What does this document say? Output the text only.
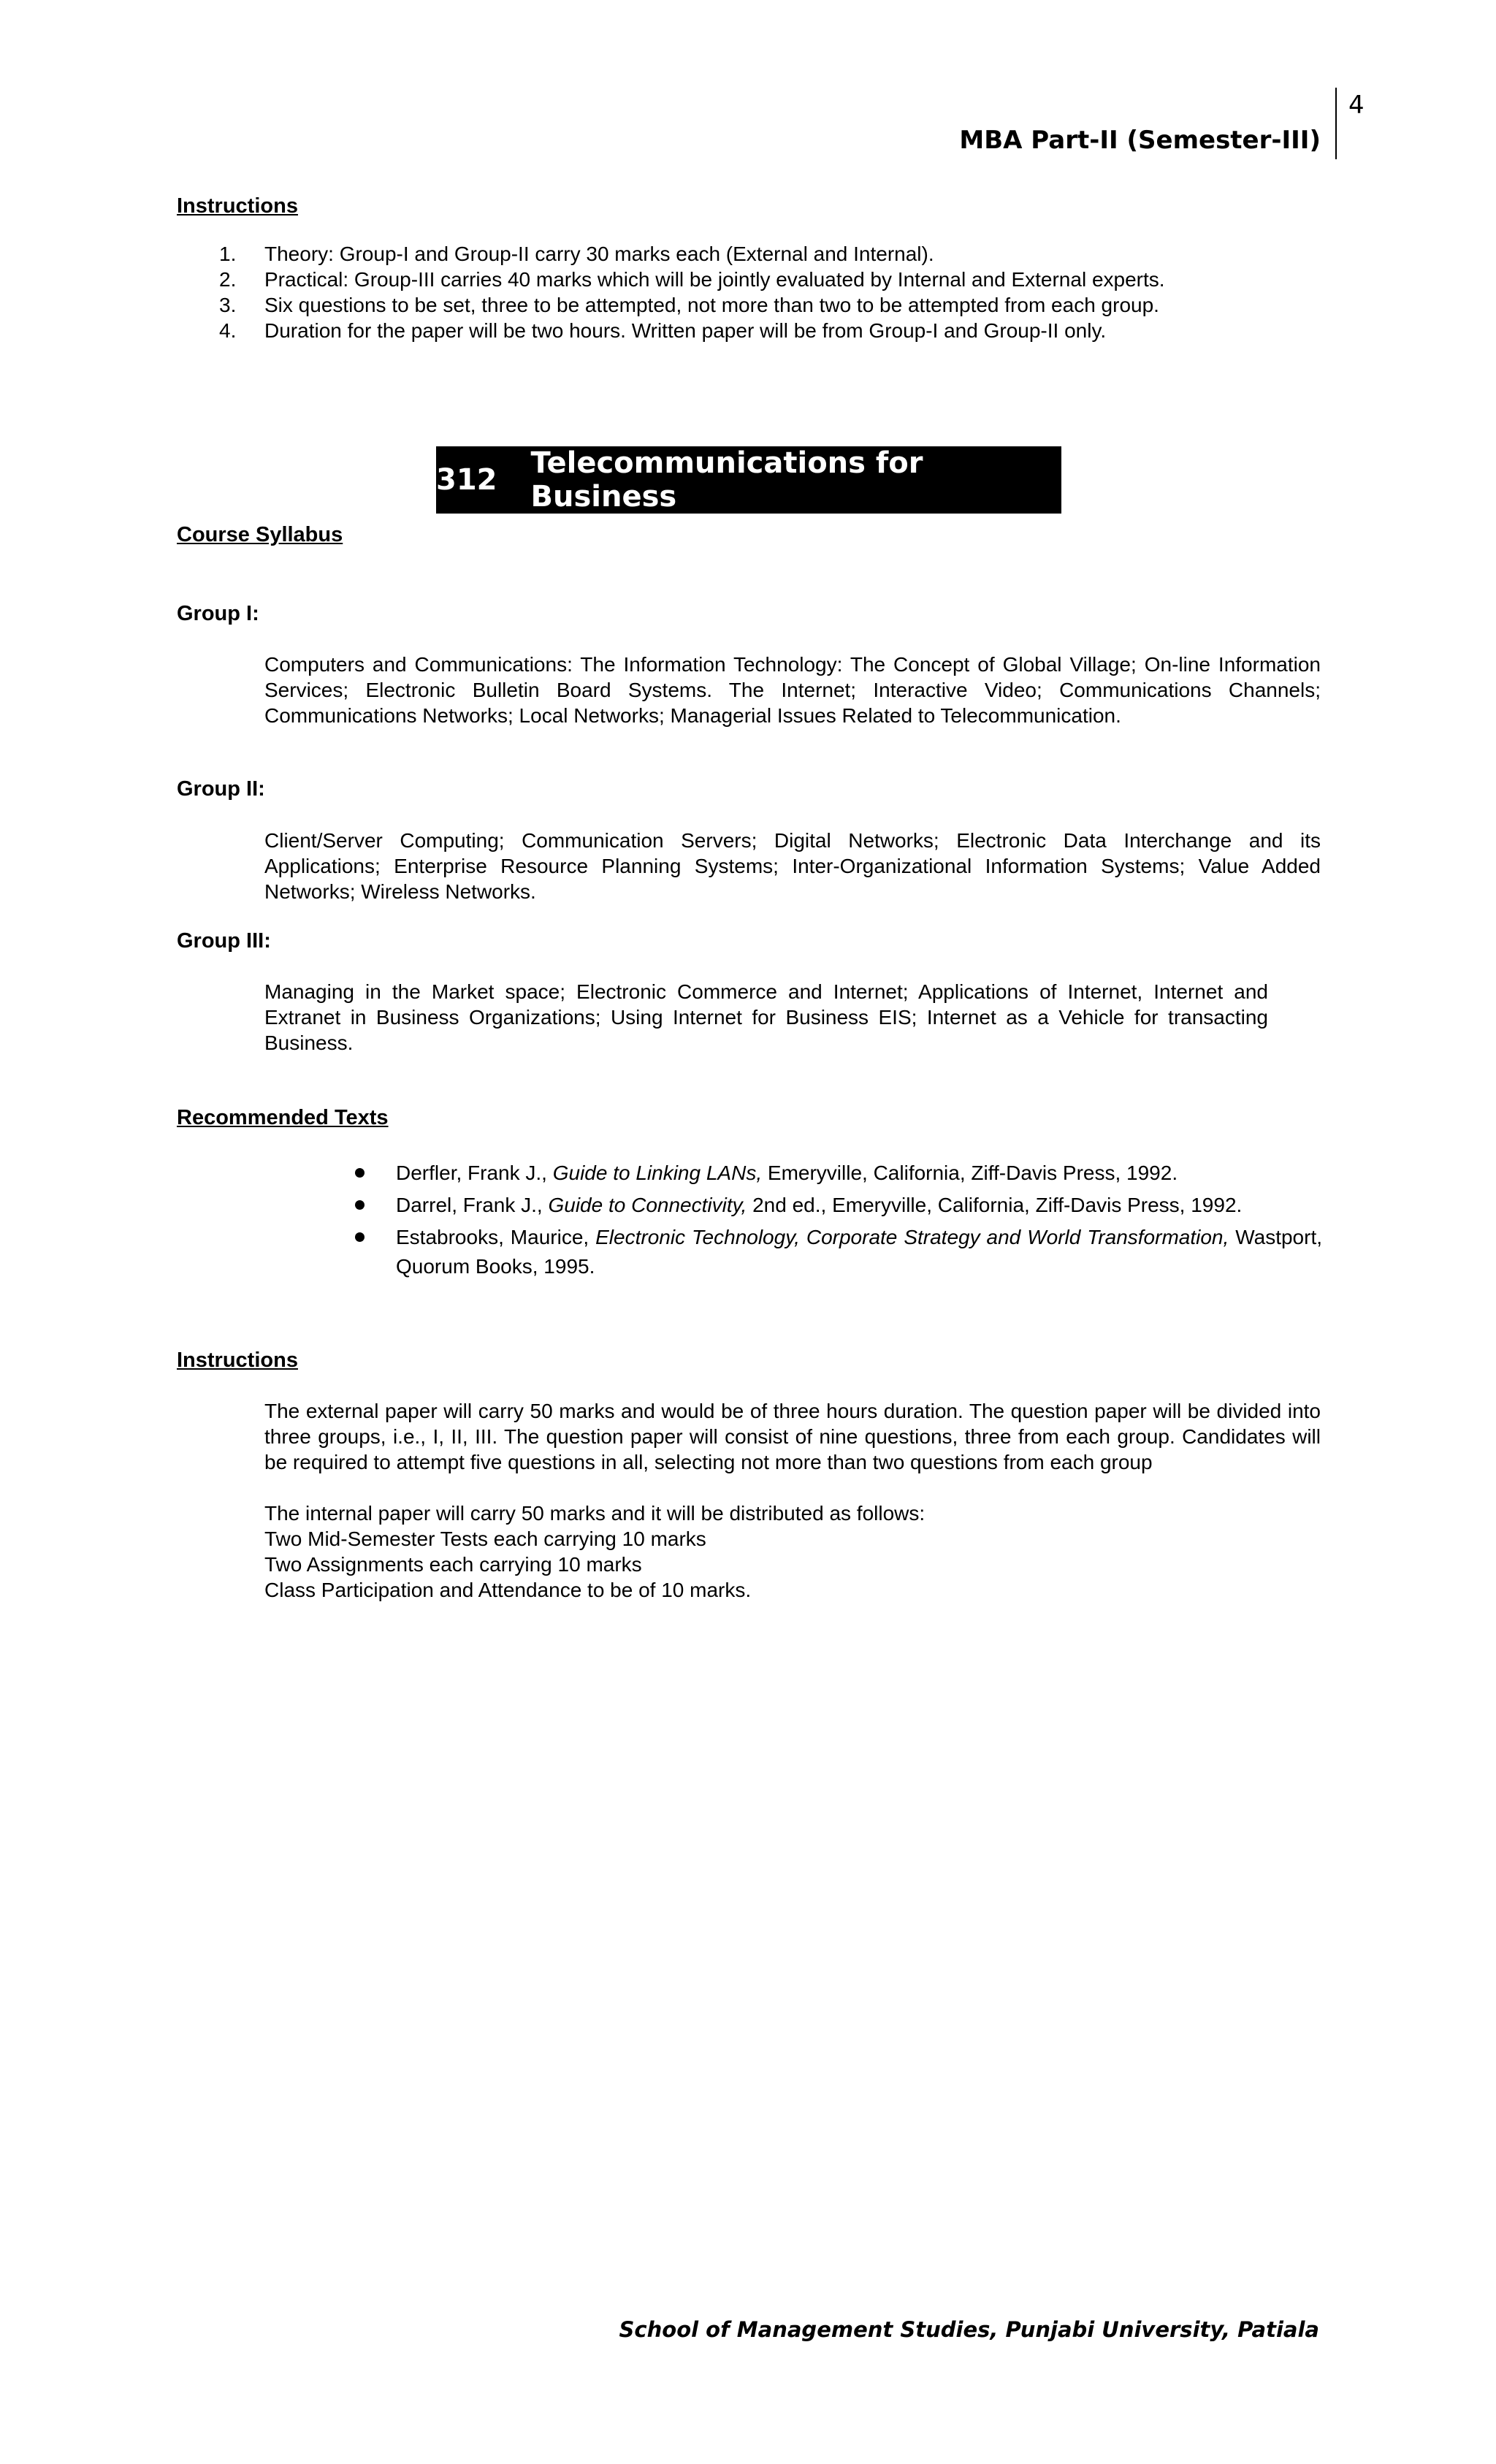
4
MBA Part-II (Semester-III)
Instructions
1. Theory: Group-I and Group-II carry 30 marks each (External and Internal).
2. Practical: Group-III carries 40 marks which will be jointly evaluated by Internal and External experts.
3. Six questions to be set, three to be attempted, not more than two to be attempted from each group.
4. Duration for the paper will be two hours. Written paper will be from Group-I and Group-II only.
312 Telecommunications for Business
Course Syllabus
Group I:

Computers and Communications: The Information Technology: The Concept of Global Village; On-line Information Services; Electronic Bulletin Board Systems. The Internet; Interactive Video; Communications Channels; Communications Networks; Local Networks; Managerial Issues Related to Telecommunication.

Group II:

Client/Server Computing; Communication Servers; Digital Networks; Electronic Data Interchange and its Applications; Enterprise Resource Planning Systems; Inter-Organizational Information Systems; Value Added Networks; Wireless Networks.

Group III:

Managing in the Market space; Electronic Commerce and Internet; Applications of Internet, Internet and Extranet in Business Organizations; Using Internet for Business EIS; Internet as a Vehicle for transacting Business.

Recommended Texts
Derfler, Frank J., Guide to Linking LANs, Emeryville, California, Ziff-Davis Press, 1992.
Darrel, Frank J., Guide to Connectivity, 2nd ed., Emeryville, California, Ziff-Davis Press, 1992.
Estabrooks, Maurice, Electronic Technology, Corporate Strategy and World Transformation, Wastport, Quorum Books, 1995.
Instructions

The external paper will carry 50 marks and would be of three hours duration. The question paper will be divided into three groups, i.e., I, II, III. The question paper will consist of nine questions, three from each group. Candidates will be required to attempt five questions in all, selecting not more than two questions from each group

The internal paper will carry 50 marks and it will be distributed as follows:
Two Mid-Semester Tests each carrying 10 marks
Two Assignments each carrying 10 marks
Class Participation and Attendance to be of 10 marks.
School of Management Studies, Punjabi University, Patiala
